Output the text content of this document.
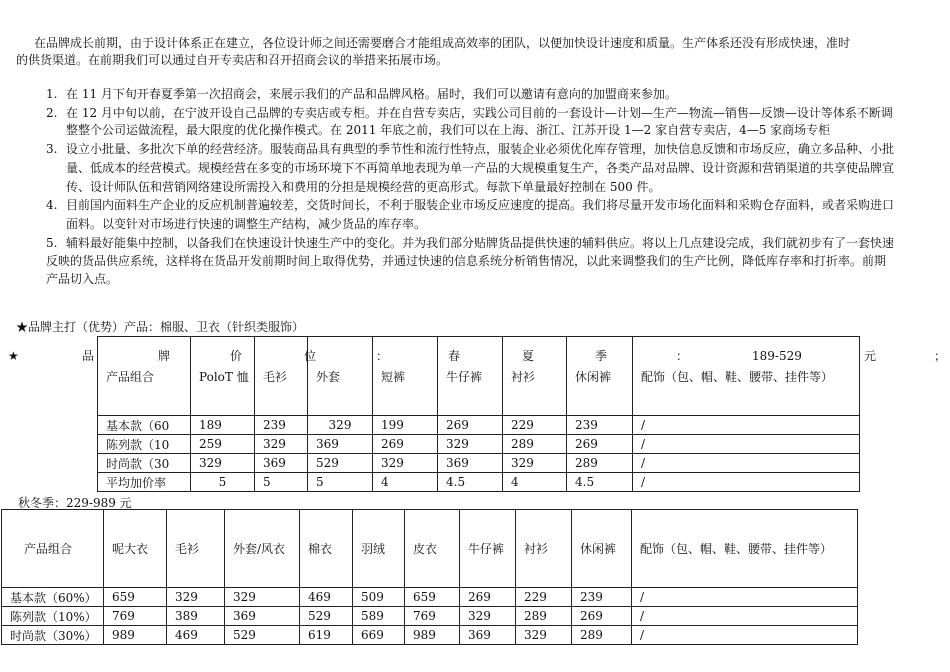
在品牌成长前期，由于设计体系正在建立，各位设计师之间还需要磨合才能组成高效率的团队，以便加快设计速度和质量。生产体系还没有形成快速，准时
的供货渠道。在前期我们可以通过自开专卖店和召开招商会议的举措来拓展市场。
1. 在 11 月下旬开春夏季第一次招商会，来展示我们的产品和品牌风格。届时，我们可以邀请有意向的加盟商来参加。
2. 在 12 月中旬以前，在宁波开设自己品牌的专卖店或专柜。并在自营专卖店，实践公司目前的一套设计—计划—生产—物流—销售—反馈—设计等体系不断调
整整个公司运做流程，最大限度的优化操作模式。在 2011 年底之前，我们可以在上海、浙江、江苏开设 1—2 家自营专卖店，4—5 家商场专柜
3. 设立小批量、多批次下单的经营经济。服装商品具有典型的季节性和流行性特点，服装企业必须优化库存管理，加快信息反馈和市场反应，确立多品种、小批
量、低成本的经营模式。规模经营在多变的市场环境下不再简单地表现为单一产品的大规模重复生产，各类产品对品牌、设计资源和营销渠道的共享使品牌宣
传、设计师队伍和营销网络建设所需投入和费用的分担是规模经营的更高形式。每款下单量最好控制在 500 件。
4. 目前国内面料生产企业的反应机制普遍较差，交货时间长，不利于服装企业市场反应速度的提高。我们将尽量开发市场化面料和采购仓存面料，或者采购进口
面料。以变针对市场进行快速的调整生产结构，减少货品的库存率。
5. 辅料最好能集中控制，以备我们在快速设计快速生产中的变化。并为我们部分贴牌货品提供快速的辅料供应。将以上几点建设完成，我们就初步有了一套快速
反映的货品供应系统，这样将在货品开发前期时间上取得优势，并通过快速的信息系统分析销售情况，以此来调整我们的生产比例，降低库存率和打折率。前期
产品切入点。
★品牌主打（优势）产品：棉服、卫衣（针织类服饰）
★	品	牌	价	位	：	春	夏	季	：	189-529	元	；
产品组合	PoloT 恤	毛衫	外套	短裤	牛仔裤	衬衫	休闲裤	配饰（包、帽、鞋、腰带、挂件等）
基本款（60	189	239	329	199	269	229	239	/
陈列款（10	259	329	369	269	329	289	269	/
时尚款（30	329	369	529	329	369	329	289	/
平均加价率	5	5	5	4	4.5	4	4.5	/
秋冬季：229-989 元
产品组合	呢大衣	毛衫	外套/风衣	棉衣	羽绒	皮衣	牛仔裤	衬衫	休闲裤	配饰（包、帽、鞋、腰带、挂件等）
基本款（60%）	659	329	329	469	509	659	269	229	239	/
陈列款（10%）	769	389	369	529	589	769	329	289	269	/
时尚款（30%）	989	469	529	619	669	989	369	329	289	/
